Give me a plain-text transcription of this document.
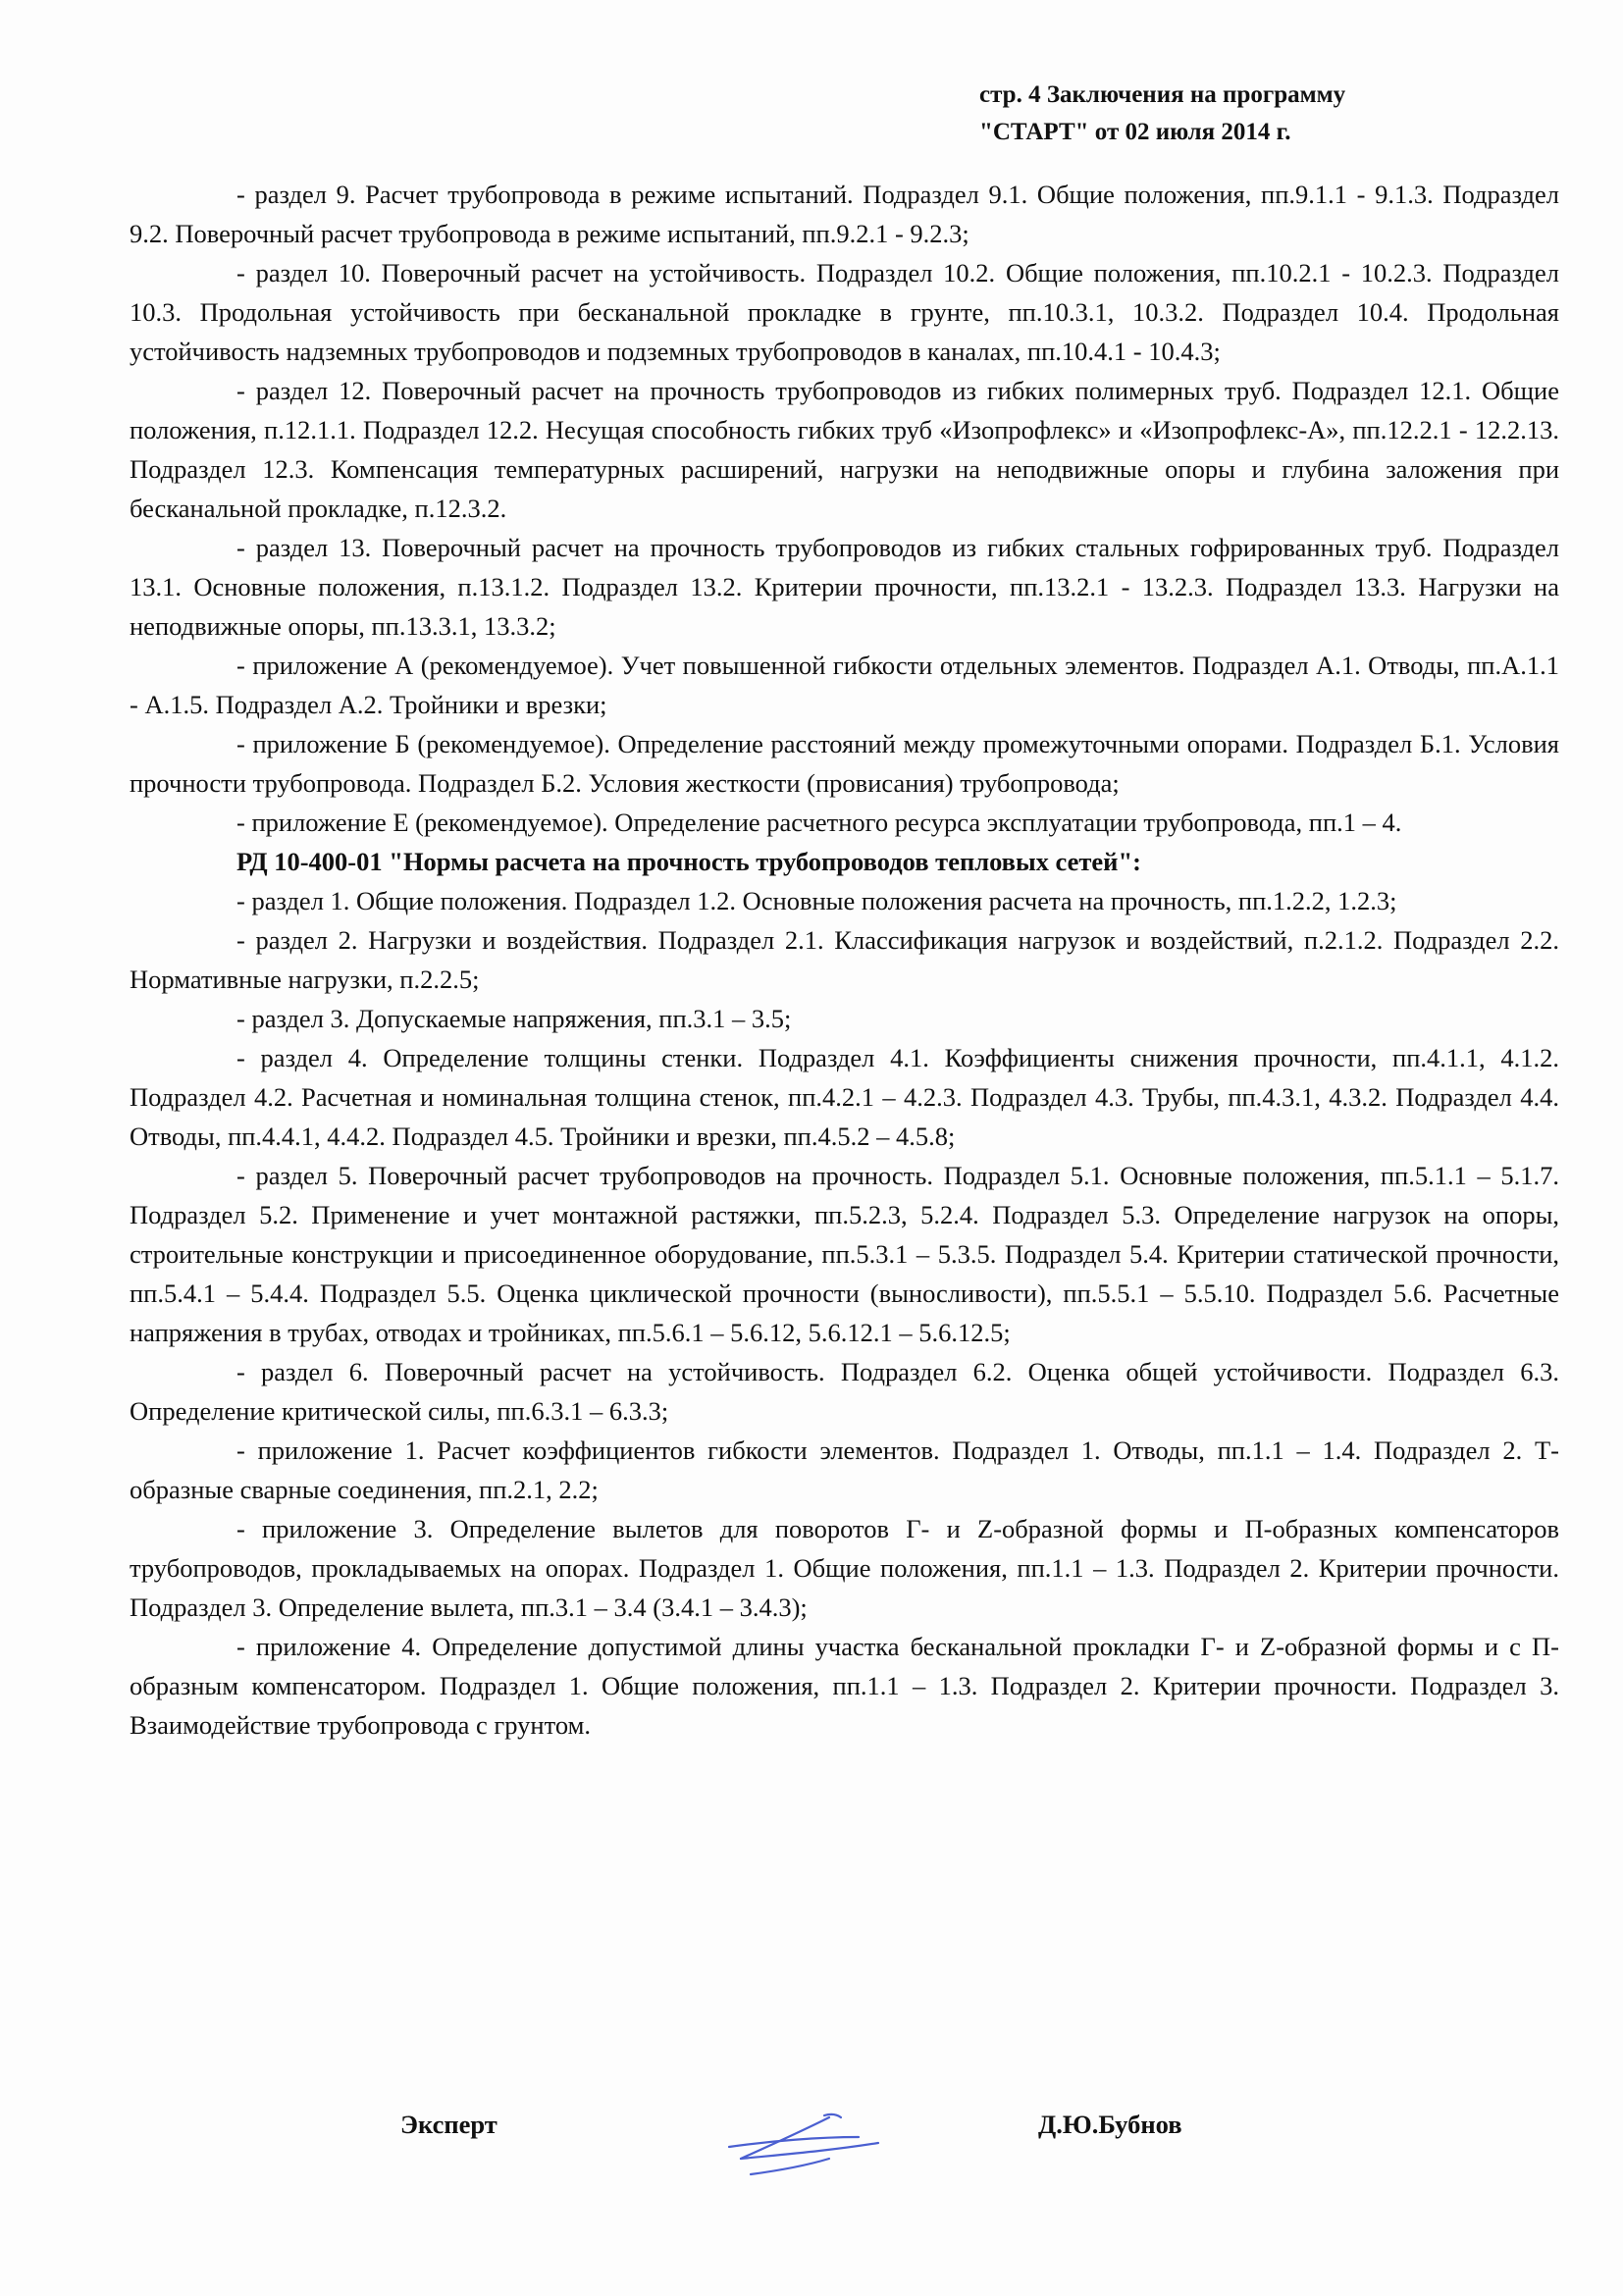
стр. 4 Заключения на программу
"СТАРТ" от 02 июля 2014 г.

- раздел 9. Расчет трубопровода в режиме испытаний. Подраздел 9.1. Общие положения, пп.9.1.1 - 9.1.3. Подраздел 9.2. Поверочный расчет трубопровода в режиме испытаний, пп.9.2.1 - 9.2.3;

- раздел 10. Поверочный расчет на устойчивость. Подраздел 10.2. Общие положения, пп.10.2.1 - 10.2.3. Подраздел 10.3. Продольная устойчивость при бесканальной прокладке в грунте, пп.10.3.1, 10.3.2. Подраздел 10.4. Продольная устойчивость надземных трубопроводов и подземных трубопроводов в каналах, пп.10.4.1 - 10.4.3;

- раздел 12. Поверочный расчет на прочность трубопроводов из гибких полимерных труб. Подраздел 12.1. Общие положения, п.12.1.1. Подраздел 12.2. Несущая способность гибких труб «Изопрофлекс» и «Изопрофлекс-А», пп.12.2.1 - 12.2.13. Подраздел 12.3. Компенсация температурных расширений, нагрузки на неподвижные опоры и глубина заложения при бесканальной прокладке, п.12.3.2.

- раздел 13. Поверочный расчет на прочность трубопроводов из гибких стальных гофрированных труб. Подраздел 13.1. Основные положения, п.13.1.2. Подраздел 13.2. Критерии прочности, пп.13.2.1 - 13.2.3. Подраздел 13.3. Нагрузки на неподвижные опоры, пп.13.3.1, 13.3.2;

- приложение А (рекомендуемое). Учет повышенной гибкости отдельных элементов. Подраздел А.1. Отводы, пп.А.1.1 - А.1.5. Подраздел А.2. Тройники и врезки;

- приложение Б (рекомендуемое). Определение расстояний между промежуточными опорами. Подраздел Б.1. Условия прочности трубопровода. Подраздел Б.2. Условия жесткости (провисания) трубопровода;

- приложение Е (рекомендуемое). Определение расчетного ресурса эксплуатации трубопровода, пп.1 – 4.

РД 10-400-01 "Нормы расчета на прочность трубопроводов тепловых сетей":

- раздел 1. Общие положения. Подраздел 1.2. Основные положения расчета на прочность, пп.1.2.2, 1.2.3;

- раздел 2. Нагрузки и воздействия. Подраздел 2.1. Классификация нагрузок и воздействий, п.2.1.2. Подраздел 2.2. Нормативные нагрузки, п.2.2.5;

- раздел 3. Допускаемые напряжения, пп.3.1 – 3.5;

- раздел 4. Определение толщины стенки. Подраздел 4.1. Коэффициенты снижения прочности, пп.4.1.1, 4.1.2. Подраздел 4.2. Расчетная и номинальная толщина стенок, пп.4.2.1 – 4.2.3. Подраздел 4.3. Трубы, пп.4.3.1, 4.3.2. Подраздел 4.4. Отводы, пп.4.4.1, 4.4.2. Подраздел 4.5. Тройники и врезки, пп.4.5.2 – 4.5.8;

- раздел 5. Поверочный расчет трубопроводов на прочность. Подраздел 5.1. Основные положения, пп.5.1.1 – 5.1.7. Подраздел 5.2. Применение и учет монтажной растяжки, пп.5.2.3, 5.2.4. Подраздел 5.3. Определение нагрузок на опоры, строительные конструкции и присоединенное оборудование, пп.5.3.1 – 5.3.5. Подраздел 5.4. Критерии статической прочности, пп.5.4.1 – 5.4.4. Подраздел 5.5. Оценка циклической прочности (выносливости), пп.5.5.1 – 5.5.10. Подраздел 5.6. Расчетные напряжения в трубах, отводах и тройниках, пп.5.6.1 – 5.6.12, 5.6.12.1 – 5.6.12.5;

- раздел 6. Поверочный расчет на устойчивость. Подраздел 6.2. Оценка общей устойчивости. Подраздел 6.3. Определение критической силы, пп.6.3.1 – 6.3.3;

- приложение 1. Расчет коэффициентов гибкости элементов. Подраздел 1. Отводы, пп.1.1 – 1.4. Подраздел 2. Т-образные сварные соединения, пп.2.1, 2.2;

- приложение 3. Определение вылетов для поворотов Г- и Z-образной формы и П-образных компенсаторов трубопроводов, прокладываемых на опорах. Подраздел 1. Общие положения, пп.1.1 – 1.3. Подраздел 2. Критерии прочности. Подраздел 3. Определение вылета, пп.3.1 – 3.4 (3.4.1 – 3.4.3);

- приложение 4. Определение допустимой длины участка бесканальной прокладки Г- и Z-образной формы и с П-образным компенсатором. Подраздел 1. Общие положения, пп.1.1 – 1.3. Подраздел 2. Критерии прочности. Подраздел 3. Взаимодействие трубопровода с грунтом.

Эксперт	Д.Ю.Бубнов
